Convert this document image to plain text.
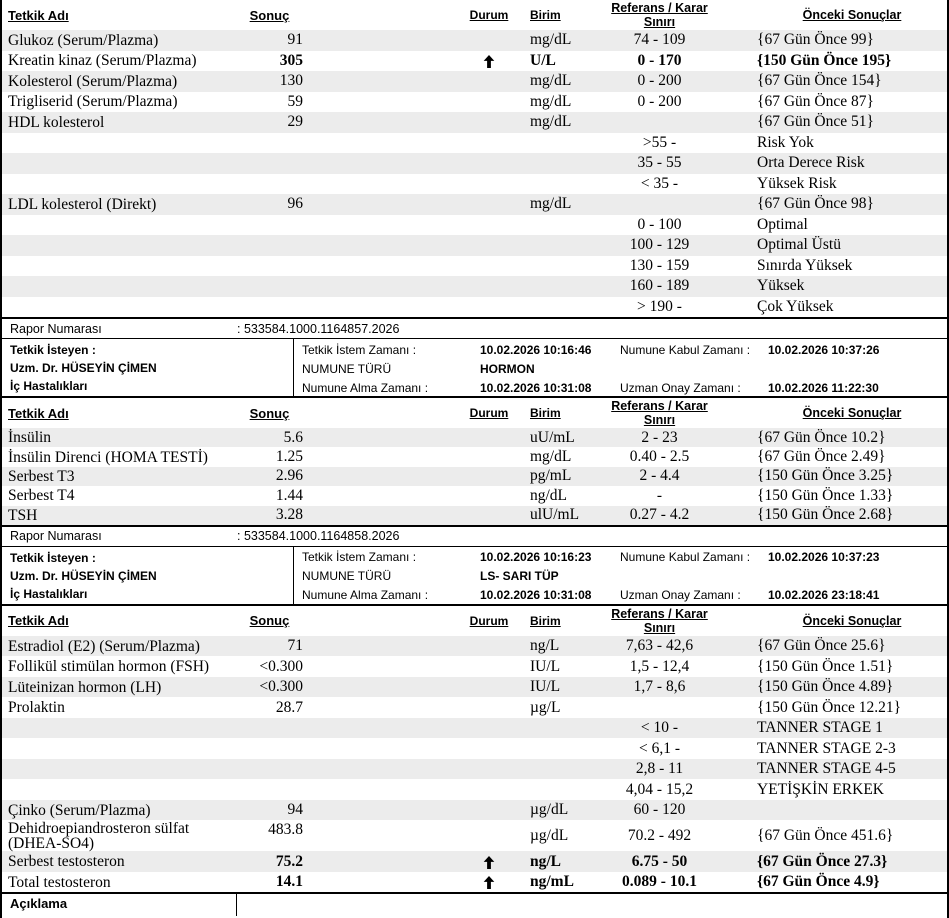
Tetkik Adı	Sonuç	Durum	Birim	Referans / Karar
Sınırı	Önceki Sonuçlar
Glukoz (Serum/Plazma)	91	mg/dL	74 - 109	{67 Gün Önce 99}
Kreatin kinaz (Serum/Plazma)	305	U/L	0 - 170	{150 Gün Önce 195}
Kolesterol (Serum/Plazma)	130	mg/dL	0 - 200	{67 Gün Önce 154}
Trigliserid (Serum/Plazma)	59	mg/dL	0 - 200	{67 Gün Önce 87}
HDL kolesterol	29	mg/dL	{67 Gün Önce 51}
>55 -	Risk Yok
35 - 55	Orta Derece Risk
< 35 -	Yüksek Risk
LDL kolesterol (Direkt)	96	mg/dL	{67 Gün Önce 98}
0 - 100	Optimal
100 - 129	Optimal Üstü
130 - 159	Sınırda Yüksek
160 - 189	Yüksek
> 190 -	Çok Yüksek
Rapor Numarası	: 533584.1000.1164857.2026
Tetkik İsteyen :
Uzm. Dr. HÜSEYİN ÇİMEN
İç Hastalıkları
Tetkik İstem Zamanı :	10.02.2026 10:16:46	Numune Kabul Zamanı :	10.02.2026 10:37:26
NUMUNE TÜRÜ	HORMON
Numune Alma Zamanı :	10.02.2026 10:31:08	Uzman Onay Zamanı :	10.02.2026 11:22:30
Tetkik Adı	Sonuç	Durum	Birim	Referans / Karar
Sınırı	Önceki Sonuçlar
İnsülin	5.6	uU/mL	2 - 23	{67 Gün Önce 10.2}
İnsülin Direnci (HOMA TESTİ)	1.25	mg/dL	0.40 - 2.5	{67 Gün Önce 2.49}
Serbest T3	2.96	pg/mL	2 - 4.4	{150 Gün Önce 3.25}
Serbest T4	1.44	ng/dL	-	{150 Gün Önce 1.33}
TSH	3.28	ulU/mL	0.27 - 4.2	{150 Gün Önce 2.68}
Rapor Numarası	: 533584.1000.1164858.2026
Tetkik İsteyen :
Uzm. Dr. HÜSEYİN ÇİMEN
İç Hastalıkları
Tetkik İstem Zamanı :	10.02.2026 10:16:23	Numune Kabul Zamanı :	10.02.2026 10:37:23
NUMUNE TÜRÜ	LS- SARI TÜP
Numune Alma Zamanı :	10.02.2026 10:31:08	Uzman Onay Zamanı :	10.02.2026 23:18:41
Tetkik Adı	Sonuç	Durum	Birim	Referans / Karar
Sınırı	Önceki Sonuçlar
Estradiol (E2) (Serum/Plazma)	71	ng/L	7,63 - 42,6	{67 Gün Önce 25.6}
Follikül stimülan hormon (FSH)	<0.300	IU/L	1,5 - 12,4	{150 Gün Önce 1.51}
Lüteinizan hormon (LH)	<0.300	IU/L	1,7 - 8,6	{150 Gün Önce 4.89}
Prolaktin	28.7	µg/L	{150 Gün Önce 12.21}
< 10 -	TANNER STAGE 1
< 6,1 -	TANNER STAGE 2-3
2,8 - 11	TANNER STAGE 4-5
4,04 - 15,2	YETİŞKİN ERKEK
Çinko (Serum/Plazma)	94	µg/dL	60 - 120
Dehidroepiandrosteron sülfat
(DHEA-SO4)
483.8	µg/dL	70.2 - 492	{67 Gün Önce 451.6}
Serbest testosteron	75.2	ng/L	6.75 - 50	{67 Gün Önce 27.3}
Total testosteron	14.1	ng/mL	0.089 - 10.1	{67 Gün Önce 4.9}
Açıklama
